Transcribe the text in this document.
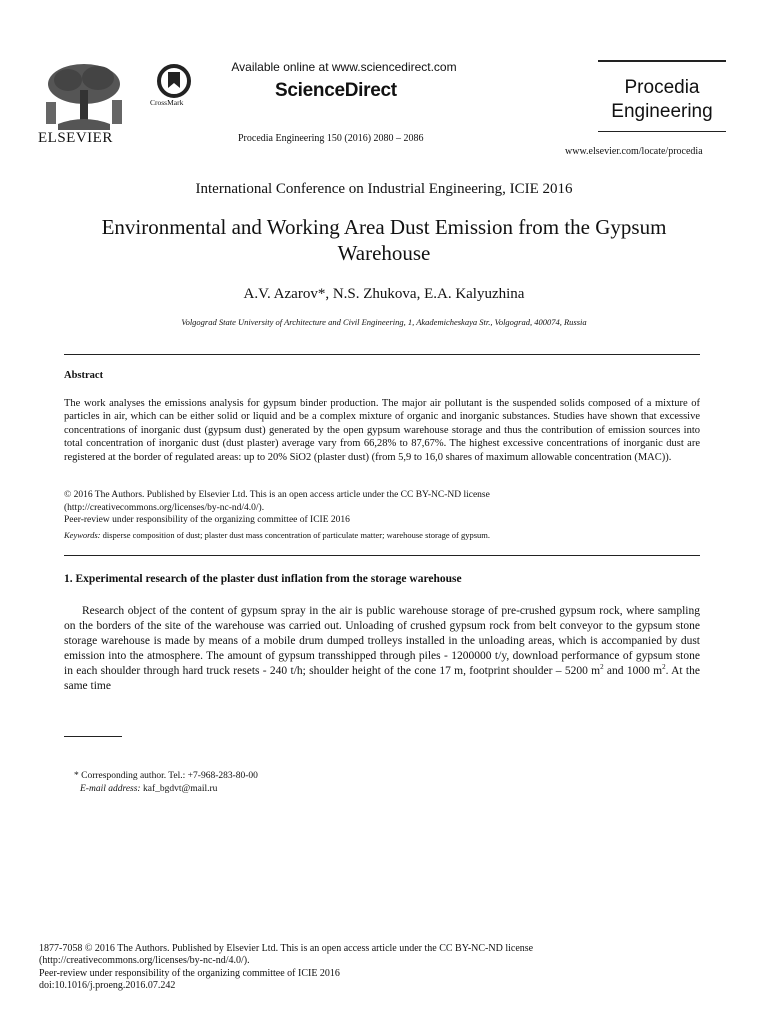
ELSEVIER
CrossMark
Available online at www.sciencedirect.com
ScienceDirect
Procedia Engineering 150 (2016) 2080 – 2086
Procedia
Engineering
www.elsevier.com/locate/procedia
International Conference on Industrial Engineering, ICIE 2016
Environmental and Working Area Dust Emission from the Gypsum
Warehouse
A.V. Azarov*, N.S. Zhukova, E.A. Kalyuzhina
Volgograd State University of Architecture and Civil Engineering, 1, Akademicheskaya Str., Volgograd, 400074, Russia
Abstract
The work analyses the emissions analysis for gypsum binder production. The major air pollutant is the suspended solids composed of a mixture of particles in air, which can be either solid or liquid and be a complex mixture of organic and inorganic substances. Studies have shown that excessive concentrations of inorganic dust (gypsum dust) generated by the open gypsum warehouse storage and thus the contribution of emission sources into total concentration of inorganic dust (dust plaster) average vary from 66,28% to 87,67%. The highest excessive concentrations of inorganic dust are registered at the border of regulated areas: up to 20% SiO2 (plaster dust) (from 5,9 to 16,0 shares of maximum allowable concentration (MAC)).
© 2016 The Authors. Published by Elsevier Ltd. This is an open access article under the CC BY-NC-ND license
(http://creativecommons.org/licenses/by-nc-nd/4.0/).
Peer-review under responsibility of the organizing committee of ICIE 2016
Keywords: disperse composition of dust; plaster dust mass concentration of particulate matter; warehouse storage of gypsum.
1. Experimental research of the plaster dust inflation from the storage warehouse
Research object of the content of gypsum spray in the air is public warehouse storage of pre-crushed gypsum rock, where sampling on the borders of the site of the warehouse was carried out. Unloading of crushed gypsum rock from belt conveyor to the gypsum stone storage warehouse is made by means of a mobile drum dumped trolleys installed in the unloading areas, which is accompanied by dust emission into the atmosphere. The amount of gypsum transshipped through piles - 1200000 t/y, download performance of gypsum stone in each shoulder through hard truck resets - 240 t/h; shoulder height of the cone 17 m, footprint shoulder – 5200 $m^2$ and 1000 $m^2$. At the same time
* Corresponding author. Tel.: +7-968-283-80-00
E-mail address: kaf_bgdvt@mail.ru
1877-7058 © 2016 The Authors. Published by Elsevier Ltd. This is an open access article under the CC BY-NC-ND license
(http://creativecommons.org/licenses/by-nc-nd/4.0/).
Peer-review under responsibility of the organizing committee of ICIE 2016
doi:10.1016/j.proeng.2016.07.242
